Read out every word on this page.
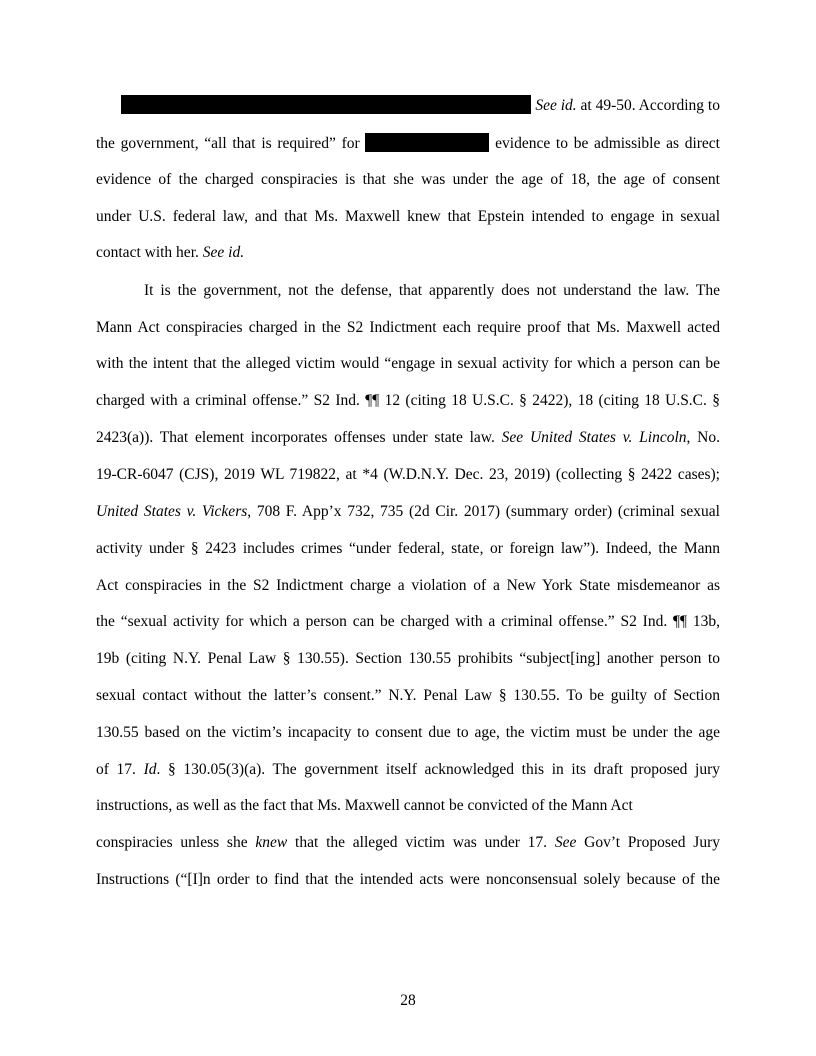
See id. at 49-50. According to
the government, “all that is required” for	evidence to be admissible as direct
evidence of the charged conspiracies is that she was under the age of 18, the age of consent
under U.S. federal law, and that Ms. Maxwell knew that Epstein intended to engage in sexual
contact with her. See id.
It is the government, not the defense, that apparently does not understand the law. The
Mann Act conspiracies charged in the S2 Indictment each require proof that Ms. Maxwell acted
with the intent that the alleged victim would “engage in sexual activity for which a person can be
charged with a criminal offense.” S2 Ind. ¶¶ 12 (citing 18 U.S.C. § 2422), 18 (citing 18 U.S.C. §
2423(a)). That element incorporates offenses under state law. See United States v. Lincoln, No.
19-CR-6047 (CJS), 2019 WL 719822, at *4 (W.D.N.Y. Dec. 23, 2019) (collecting § 2422 cases);
United States v. Vickers, 708 F. App’x 732, 735 (2d Cir. 2017) (summary order) (criminal sexual
activity under § 2423 includes crimes “under federal, state, or foreign law”). Indeed, the Mann
Act conspiracies in the S2 Indictment charge a violation of a New York State misdemeanor as
the “sexual activity for which a person can be charged with a criminal offense.” S2 Ind. ¶¶ 13b,
19b (citing N.Y. Penal Law § 130.55). Section 130.55 prohibits “subject[ing] another person to
sexual contact without the latter’s consent.” N.Y. Penal Law § 130.55. To be guilty of Section
130.55 based on the victim’s incapacity to consent due to age, the victim must be under the age
of 17. Id. § 130.05(3)(a). The government itself acknowledged this in its draft proposed jury
instructions, as well as the fact that Ms. Maxwell cannot be convicted of the Mann Act
conspiracies unless she knew that the alleged victim was under 17. See Gov’t Proposed Jury
Instructions (“[I]n order to find that the intended acts were nonconsensual solely because of the
28
